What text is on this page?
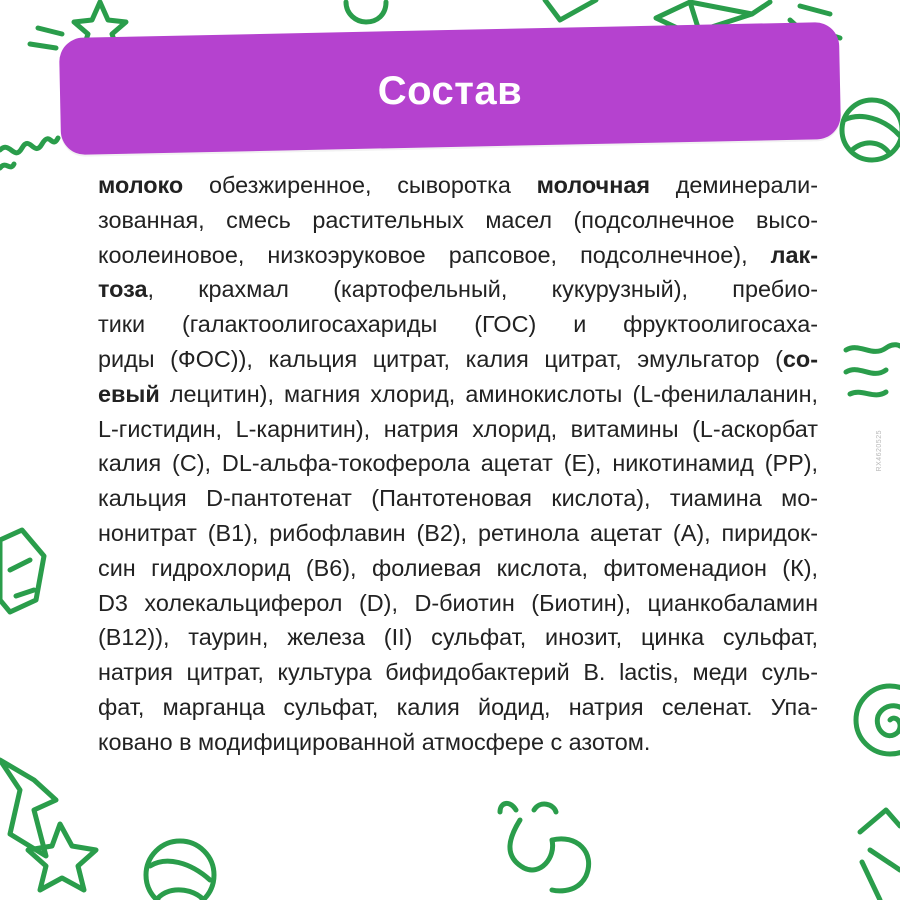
Состав
молоко обезжиренное, сыворотка молочная деминерали-
зованная, смесь растительных масел (подсолнечное высо-
коолеиновое, низкоэруковое рапсовое, подсолнечное), лак-
тоза, крахмал (картофельный, кукурузный), пребио-
тики (галактоолигосахариды (ГОС) и фруктоолигосаха-
риды (ФОС)), кальция цитрат, калия цитрат, эмульгатор (со-
евый лецитин), магния хлорид, аминокислоты (L-фенилаланин,
L-гистидин, L-карнитин), натрия хлорид, витамины (L-аскорбат
калия (С), DL-альфа-токоферола ацетат (Е), никотинамид (РР),
кальция D-пантотенат (Пантотеновая кислота), тиамина мо-
нонитрат (В1), рибофлавин (В2), ретинола ацетат (А), пиридок-
син гидрохлорид (В6), фолиевая кислота, фитоменадион (К),
D3 холекальциферол (D), D-биотин (Биотин), цианкобаламин
(В12)), таурин, железа (II) сульфат, инозит, цинка сульфат,
натрия цитрат, культура бифидобактерий B. lactis, меди суль-
фат, марганца сульфат, калия йодид, натрия селенат. Упа-
ковано в модифицированной атмосфере с азотом.
RX4620525
